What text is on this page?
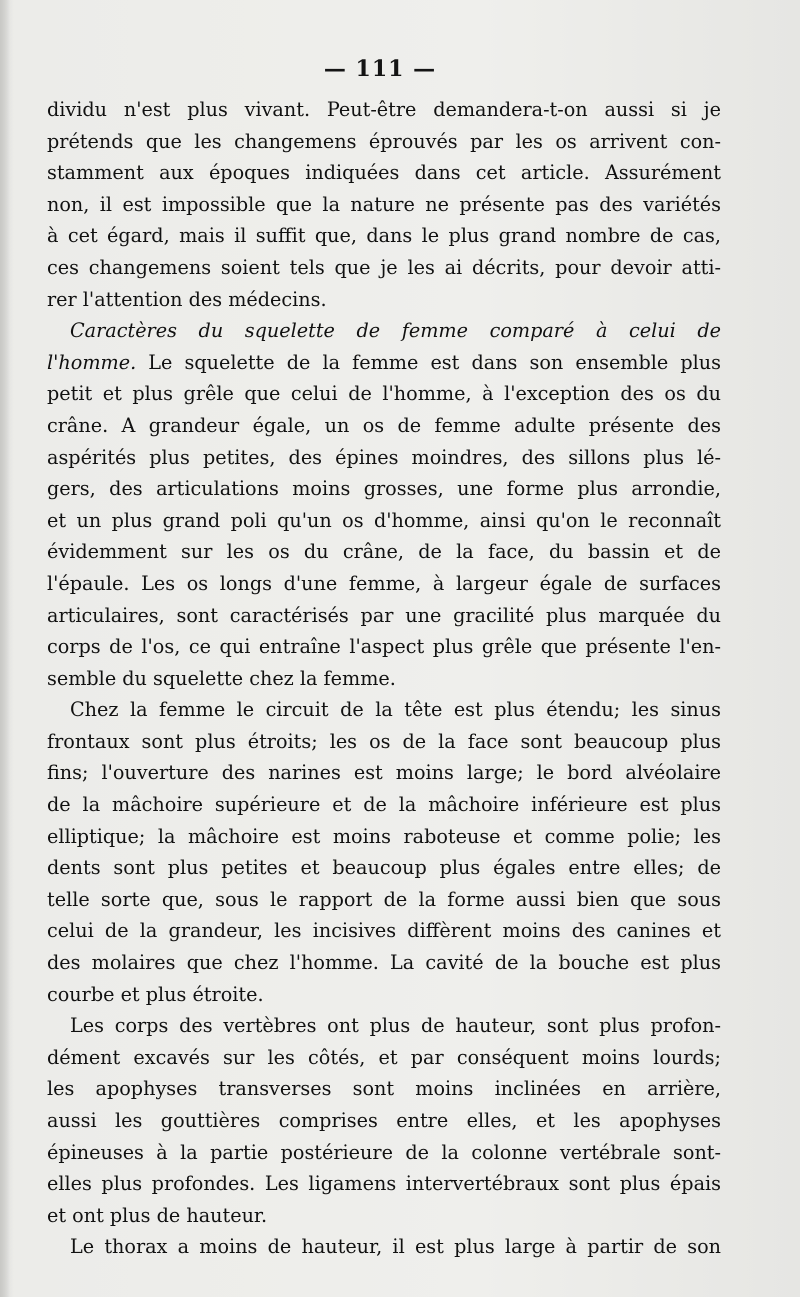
— 111 —
dividu n'est plus vivant. Peut-être demandera-t-on aussi si je
prétends que les changemens éprouvés par les os arrivent con-
stamment aux époques indiquées dans cet article. Assurément
non, il est impossible que la nature ne présente pas des variétés
à cet égard, mais il suffit que, dans le plus grand nombre de cas,
ces changemens soient tels que je les ai décrits, pour devoir atti-
rer l'attention des médecins.
Caractères du squelette de femme comparé à celui de
l'homme. Le squelette de la femme est dans son ensemble plus
petit et plus grêle que celui de l'homme, à l'exception des os du
crâne. A grandeur égale, un os de femme adulte présente des
aspérités plus petites, des épines moindres, des sillons plus lé-
gers, des articulations moins grosses, une forme plus arrondie,
et un plus grand poli qu'un os d'homme, ainsi qu'on le reconnaît
évidemment sur les os du crâne, de la face, du bassin et de
l'épaule. Les os longs d'une femme, à largeur égale de surfaces
articulaires, sont caractérisés par une gracilité plus marquée du
corps de l'os, ce qui entraîne l'aspect plus grêle que présente l'en-
semble du squelette chez la femme.
Chez la femme le circuit de la tête est plus étendu; les sinus
frontaux sont plus étroits; les os de la face sont beaucoup plus
fins; l'ouverture des narines est moins large; le bord alvéolaire
de la mâchoire supérieure et de la mâchoire inférieure est plus
elliptique; la mâchoire est moins raboteuse et comme polie; les
dents sont plus petites et beaucoup plus égales entre elles; de
telle sorte que, sous le rapport de la forme aussi bien que sous
celui de la grandeur, les incisives diffèrent moins des canines et
des molaires que chez l'homme. La cavité de la bouche est plus
courbe et plus étroite.
Les corps des vertèbres ont plus de hauteur, sont plus profon-
dément excavés sur les côtés, et par conséquent moins lourds;
les apophyses transverses sont moins inclinées en arrière,
aussi les gouttières comprises entre elles, et les apophyses
épineuses à la partie postérieure de la colonne vertébrale sont-
elles plus profondes. Les ligamens intervertébraux sont plus épais
et ont plus de hauteur.
Le thorax a moins de hauteur, il est plus large à partir de son
